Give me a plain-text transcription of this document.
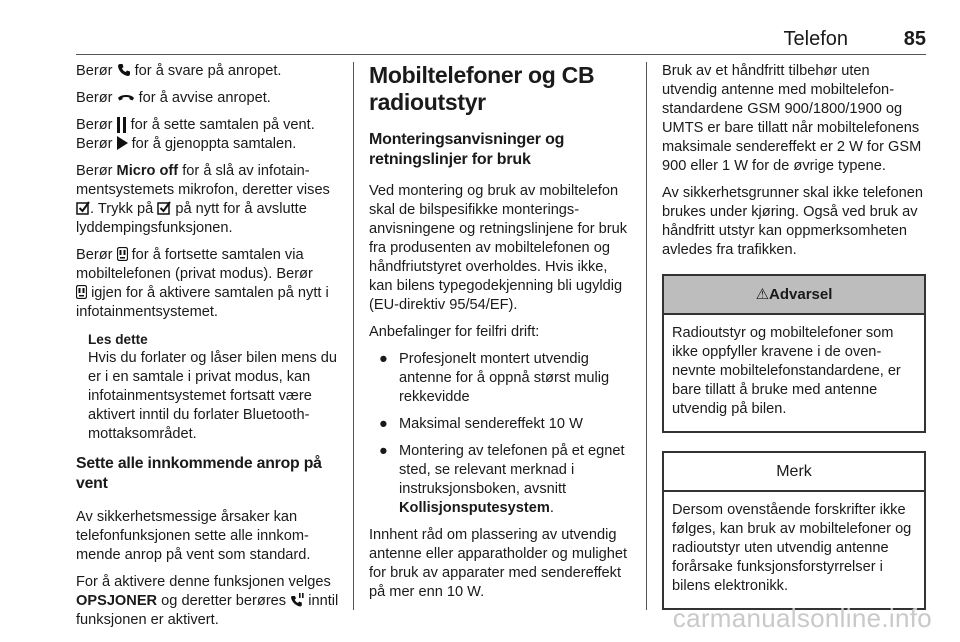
Telefon	85

Berør for å svare på anropet.

Berør for å avvise anropet.

Berør for å sette samtalen på vent.
Berør for å gjenoppta samtalen.

Berør Micro off for å slå av infotainmentsystemets mikrofon, deretter vises
. Trykk på på nytt for å avslutte lyddempingsfunksjonen.

Berør for å fortsette samtalen via mobiltelefonen (privat modus). Berør

igjen for å aktivere samtalen på nytt i infotainmentsystemet.

Les dette
Hvis du forlater og låser bilen mens du er i en samtale i privat modus, kan infotainmentsystemet fortsatt være aktivert inntil du forlater Bluetooth-mottaksområdet.
Sette alle innkommende anrop på vent

Av sikkerhetsmessige årsaker kan telefonfunksjonen sette alle innkommende anrop på vent som standard.

For å aktivere denne funksjonen velges OPSJONER og deretter berøres inntil funksjonen er aktivert.

Mobiltelefoner og CB radioutstyr
Monteringsanvisninger og retningslinjer for bruk

Ved montering og bruk av mobiltelefon skal de bilspesifikke monteringsanvisningene og retningslinjene for bruk fra produsenten av mobiltelefonen og håndfriutstyret overholdes. Hvis ikke, kan bilens typegodekjenning bli ugyldig (EU-direktiv 95/54/EF).

Anbefalinger for feilfri drift:

● Profesjonelt montert utvendig antenne for å oppnå størst mulig rekkevidde
● Maksimal sendereffekt 10 W
● Montering av telefonen på et egnet sted, se relevant merknad i instruksjonsboken, avsnitt
Kollisjonsputesystem.

Innhent råd om plassering av utvendig antenne eller apparatholder og mulighet for bruk av apparater med sendereffekt på mer enn 10 W.

Bruk av et håndfritt tilbehør uten utvendig antenne med mobiltelefonstandardene GSM 900/1800/1900 og UMTS er bare tillatt når mobiltelefonens maksimale sendereffekt er 2 W for GSM 900 eller 1 W for de øvrige typene.

Av sikkerhetsgrunner skal ikke telefonen brukes under kjøring. Også ved bruk av håndfritt utstyr kan oppmerksomheten avledes fra trafikken.

⚠Advarsel
Radioutstyr og mobiltelefoner som ikke oppfyller kravene i de ovennevnte mobiltelefonstandardene, er bare tillatt å bruke med antenne utvendig på bilen.
Merk
Dersom ovenstående forskrifter ikke følges, kan bruk av mobiltelefoner og radioutstyr uten utvendig antenne forårsake funksjonsforstyrrelser i bilens elektronikk.
carmanualsonline.info
